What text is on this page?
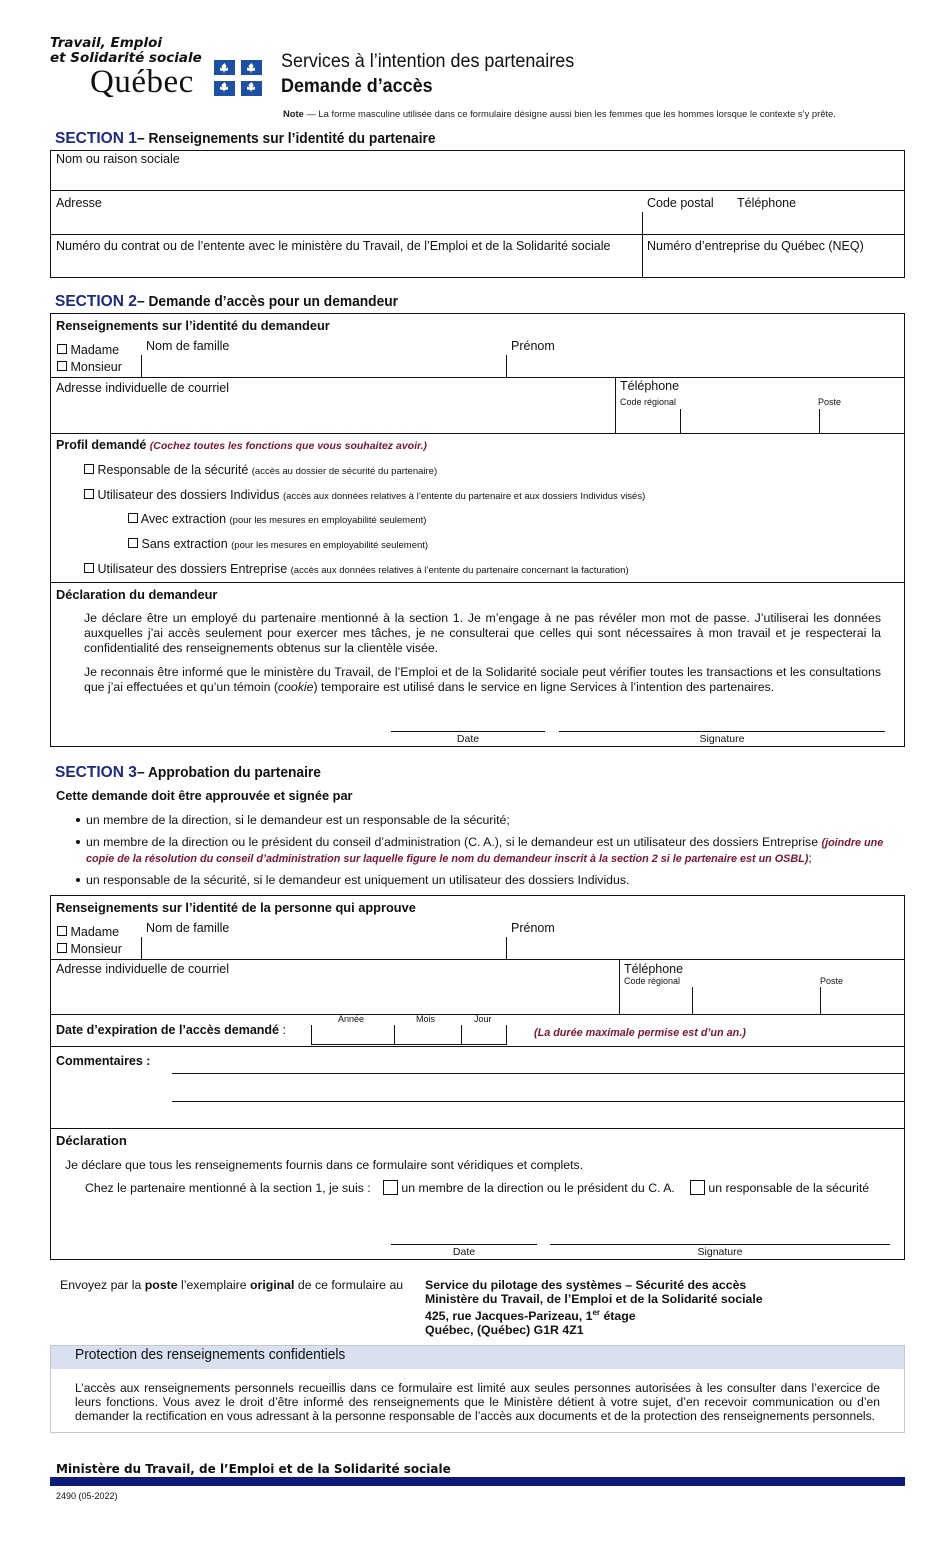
Travail, Emploi
et Solidarité sociale
Québec
Services à l’intention des partenaires
Demande d’accès
Note — La forme masculine utilisée dans ce formulaire désigne aussi bien les femmes que les hommes lorsque le contexte s’y prête.
SECTION 1– Renseignements sur l’identité du partenaire
Nom ou raison sociale
Adresse	Code postal Téléphone
Numéro du contrat ou de l’entente avec le ministère du Travail, de l’Emploi et de la Solidarité sociale	Numéro d’entreprise du Québec (NEQ)
SECTION 2– Demande d’accès pour un demandeur
Renseignements sur l’identité du demandeur
Madame
Monsieur
Nom de famille	Prénom
Adresse individuelle de courriel	Téléphone
Code régional	Poste
Profil demandé (Cochez toutes les fonctions que vous souhaitez avoir.)
Responsable de la sécurité (accès au dossier de sécurité du partenaire)
Utilisateur des dossiers Individus (accès aux données relatives à l’entente du partenaire et aux dossiers Individus visés)
Avec extraction (pour les mesures en employabilité seulement)
Sans extraction (pour les mesures en employabilité seulement)
Utilisateur des dossiers Entreprise (accès aux données relatives à l’entente du partenaire concernant la facturation)
Déclaration du demandeur
Je déclare être un employé du partenaire mentionné à la section 1. Je m’engage à ne pas révéler mon mot de passe. J’utiliserai les données auxquelles j’ai accès seulement pour exercer mes tâches, je ne consulterai que celles qui sont nécessaires à mon travail et je respecterai la confidentialité des renseignements obtenus sur la clientèle visée.
Je reconnais être informé que le ministère du Travail, de l’Emploi et de la Solidarité sociale peut vérifier toutes les transactions et les consultations que j’ai effectuées et qu’un témoin (cookie) temporaire est utilisé dans le service en ligne Services à l’intention des partenaires.
Date	Signature
SECTION 3– Approbation du partenaire
Cette demande doit être approuvée et signée par
un membre de la direction, si le demandeur est un responsable de la sécurité;
un membre de la direction ou le président du conseil d’administration (C. A.), si le demandeur est un utilisateur des dossiers Entreprise (joindre une
copie de la résolution du conseil d’administration sur laquelle figure le nom du demandeur inscrit à la section 2 si le partenaire est un OSBL);
un responsable de la sécurité, si le demandeur est uniquement un utilisateur des dossiers Individus.
Renseignements sur l’identité de la personne qui approuve
Madame
Monsieur
Nom de famille	Prénom
Adresse individuelle de courriel	Téléphone
Code régional	Poste
Date d’expiration de l’accès demandé :
Année	Mois	Jour
(La durée maximale permise est d’un an.)
Commentaires :
Déclaration
Je déclare que tous les renseignements fournis dans ce formulaire sont véridiques et complets.
Chez le partenaire mentionné à la section 1, je suis :	un membre de la direction ou le président du C. A.	un responsable de la sécurité
Date	Signature
Envoyez par la poste l’exemplaire original de ce formulaire au Service du pilotage des systèmes – Sécurité des accès
Ministère du Travail, de l’Emploi et de la Solidarité sociale
425, rue Jacques-Parizeau, 1er étage
Québec, (Québec) G1R 4Z1
Protection des renseignements confidentiels
L’accès aux renseignements personnels recueillis dans ce formulaire est limité aux seules personnes autorisées à les consulter dans l’exercice de leurs fonctions. Vous avez le droit d’être informé des renseignements que le Ministère détient à votre sujet, d’en recevoir communication ou d’en demander la rectification en vous adressant à la personne responsable de l’accès aux documents et de la protection des renseignements personnels.
Ministère du Travail, de l’Emploi et de la Solidarité sociale
2490 (05-2022)
